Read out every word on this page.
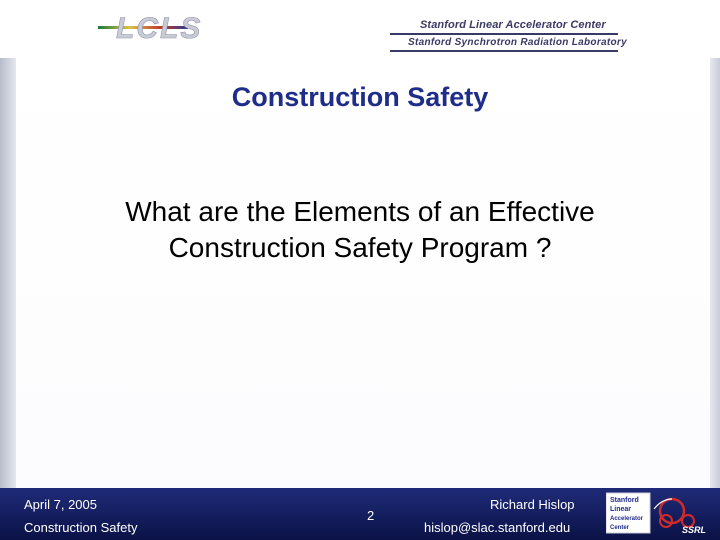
LCLS	Stanford Linear Accelerator Center
Stanford Synchrotron Radiation Laboratory
Construction Safety
What are the Elements of an Effective
Construction Safety Program ?
April 7, 2005
Construction Safety
2
Richard Hislop
hislop@slac.stanford.edu
Stanford
Linear
Accelerator
Center	SSRL
